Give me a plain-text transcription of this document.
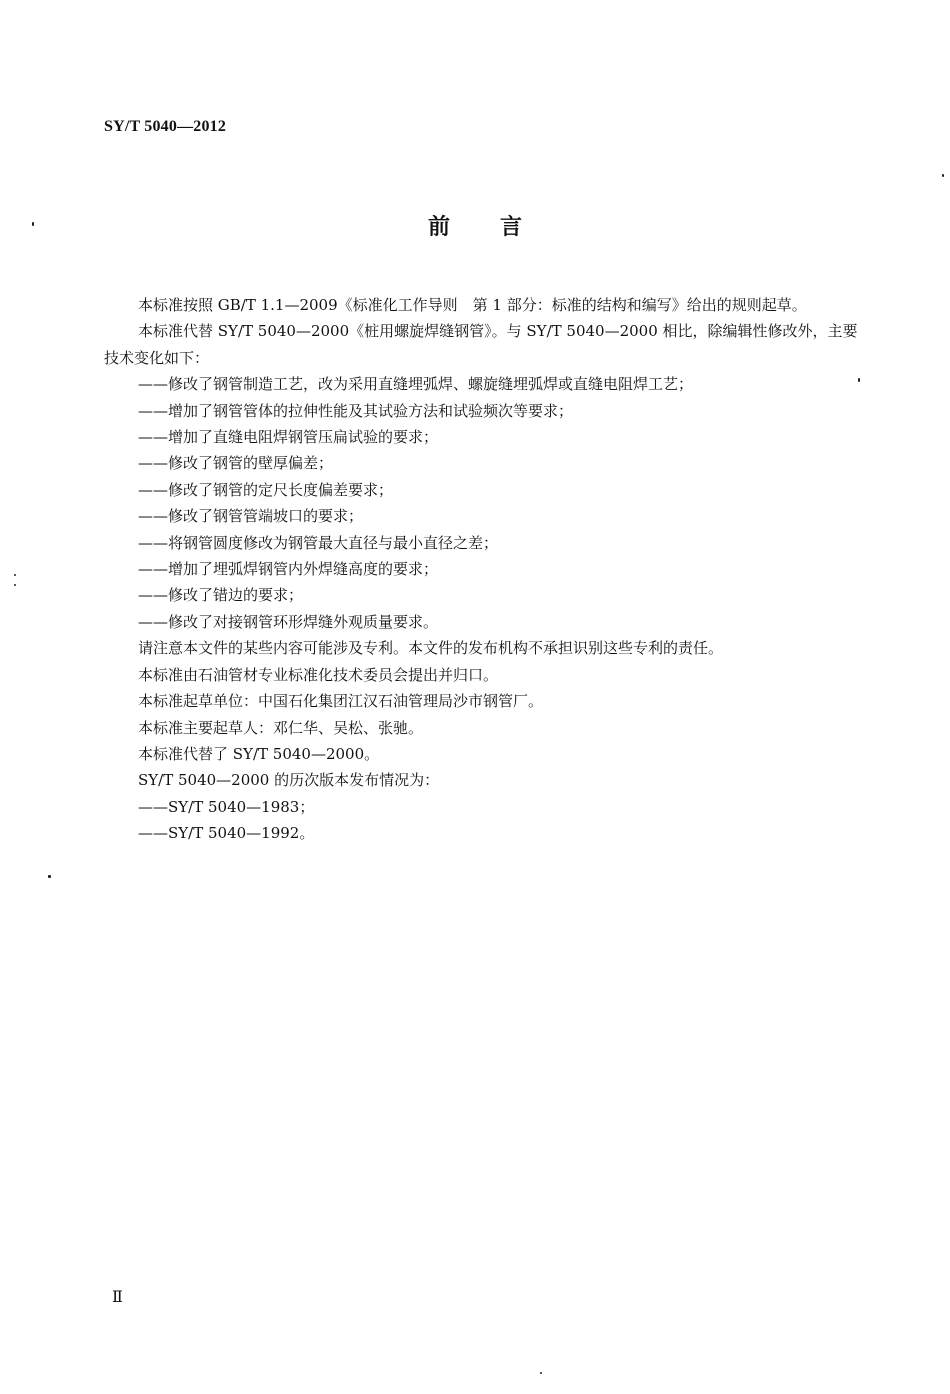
SY/T 5040—2012
前言

本标准按照 GB/T 1.1—2009《标准化工作导则　第 1 部分：标准的结构和编写》给出的规则起草。

本标准代替 SY/T 5040—2000《桩用螺旋焊缝钢管》。与 SY/T 5040—2000 相比，除编辑性修改外，主要技术变化如下：

——修改了钢管制造工艺，改为采用直缝埋弧焊、螺旋缝埋弧焊或直缝电阻焊工艺；

——增加了钢管管体的拉伸性能及其试验方法和试验频次等要求；

——增加了直缝电阻焊钢管压扁试验的要求；

——修改了钢管的壁厚偏差；

——修改了钢管的定尺长度偏差要求；

——修改了钢管管端坡口的要求；

——将钢管圆度修改为钢管最大直径与最小直径之差；

——增加了埋弧焊钢管内外焊缝高度的要求；

——修改了错边的要求；

——修改了对接钢管环形焊缝外观质量要求。

请注意本文件的某些内容可能涉及专利。本文件的发布机构不承担识别这些专利的责任。

本标准由石油管材专业标准化技术委员会提出并归口。

本标准起草单位：中国石化集团江汉石油管理局沙市钢管厂。

本标准主要起草人：邓仁华、吴松、张驰。

本标准代替了 SY/T 5040—2000。

SY/T 5040—2000 的历次版本发布情况为：

——SY/T 5040—1983；

——SY/T 5040—1992。

Ⅱ
